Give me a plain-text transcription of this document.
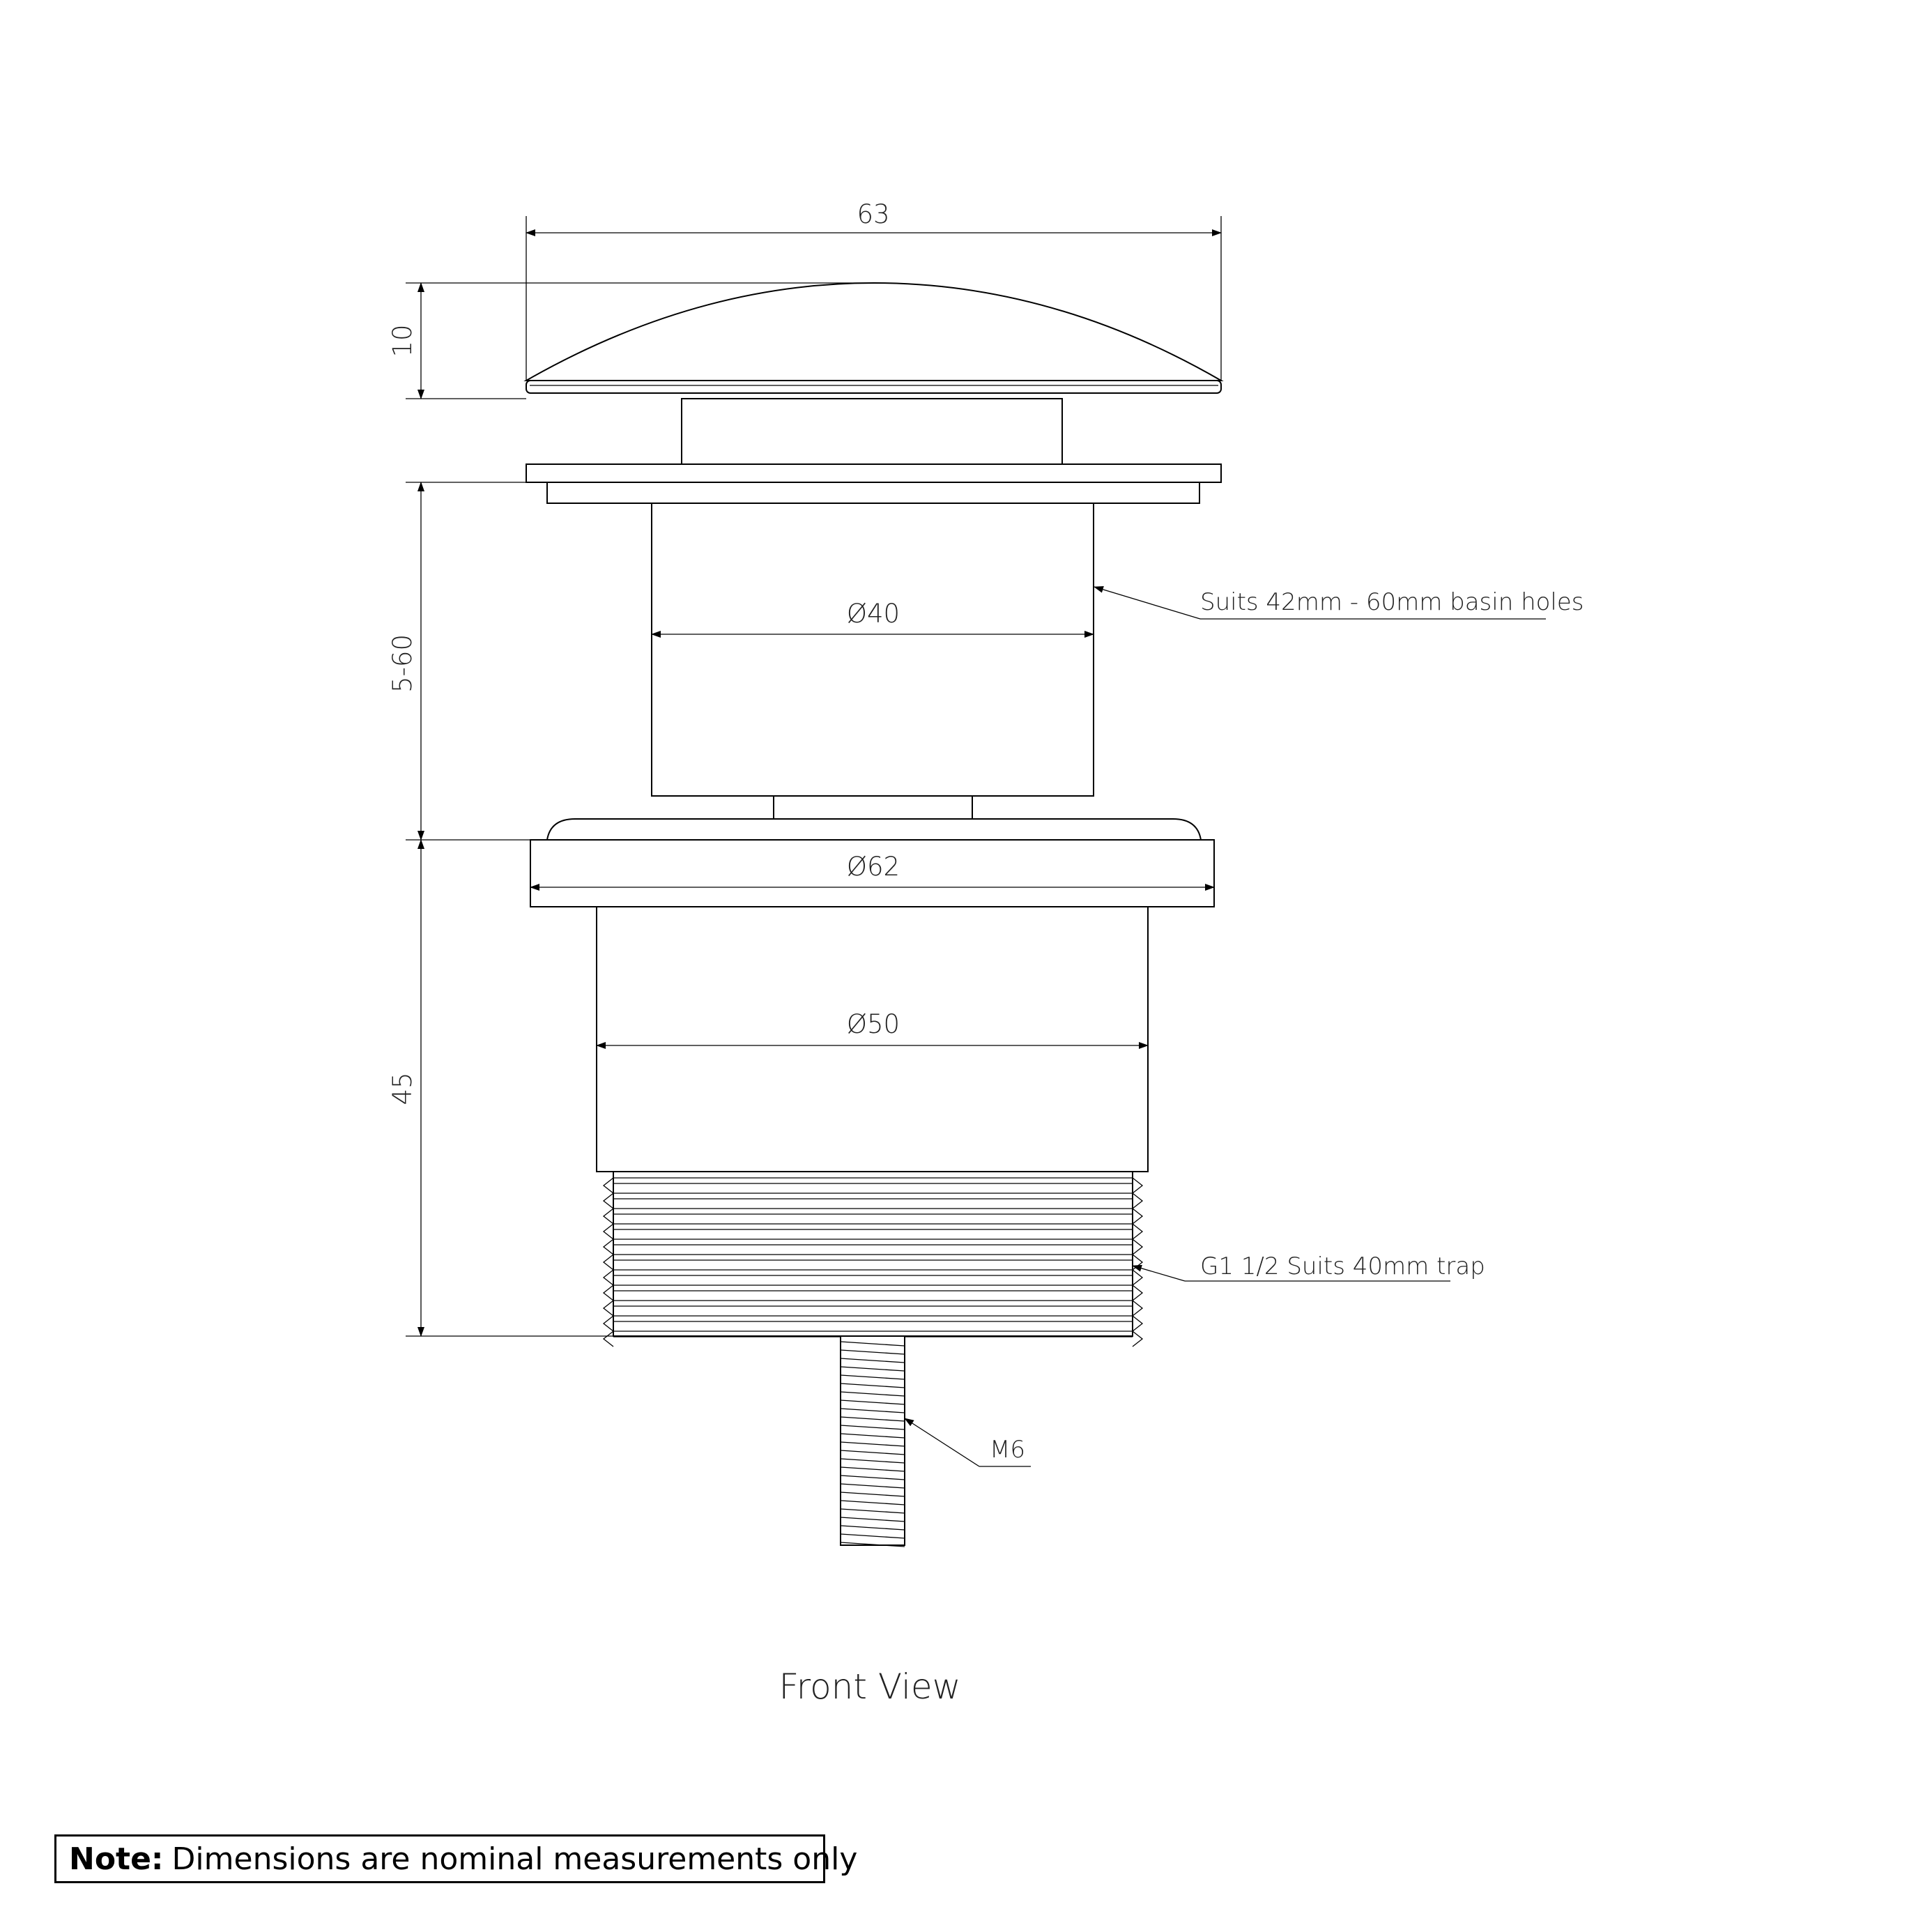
63
10
5-60
45
Ø40
Ø62
Ø50
Suits 42mm - 60mm basin holes
G1 1/2 Suits 40mm trap
M6
Front View
Note: Dimensions are nominal measurements only
